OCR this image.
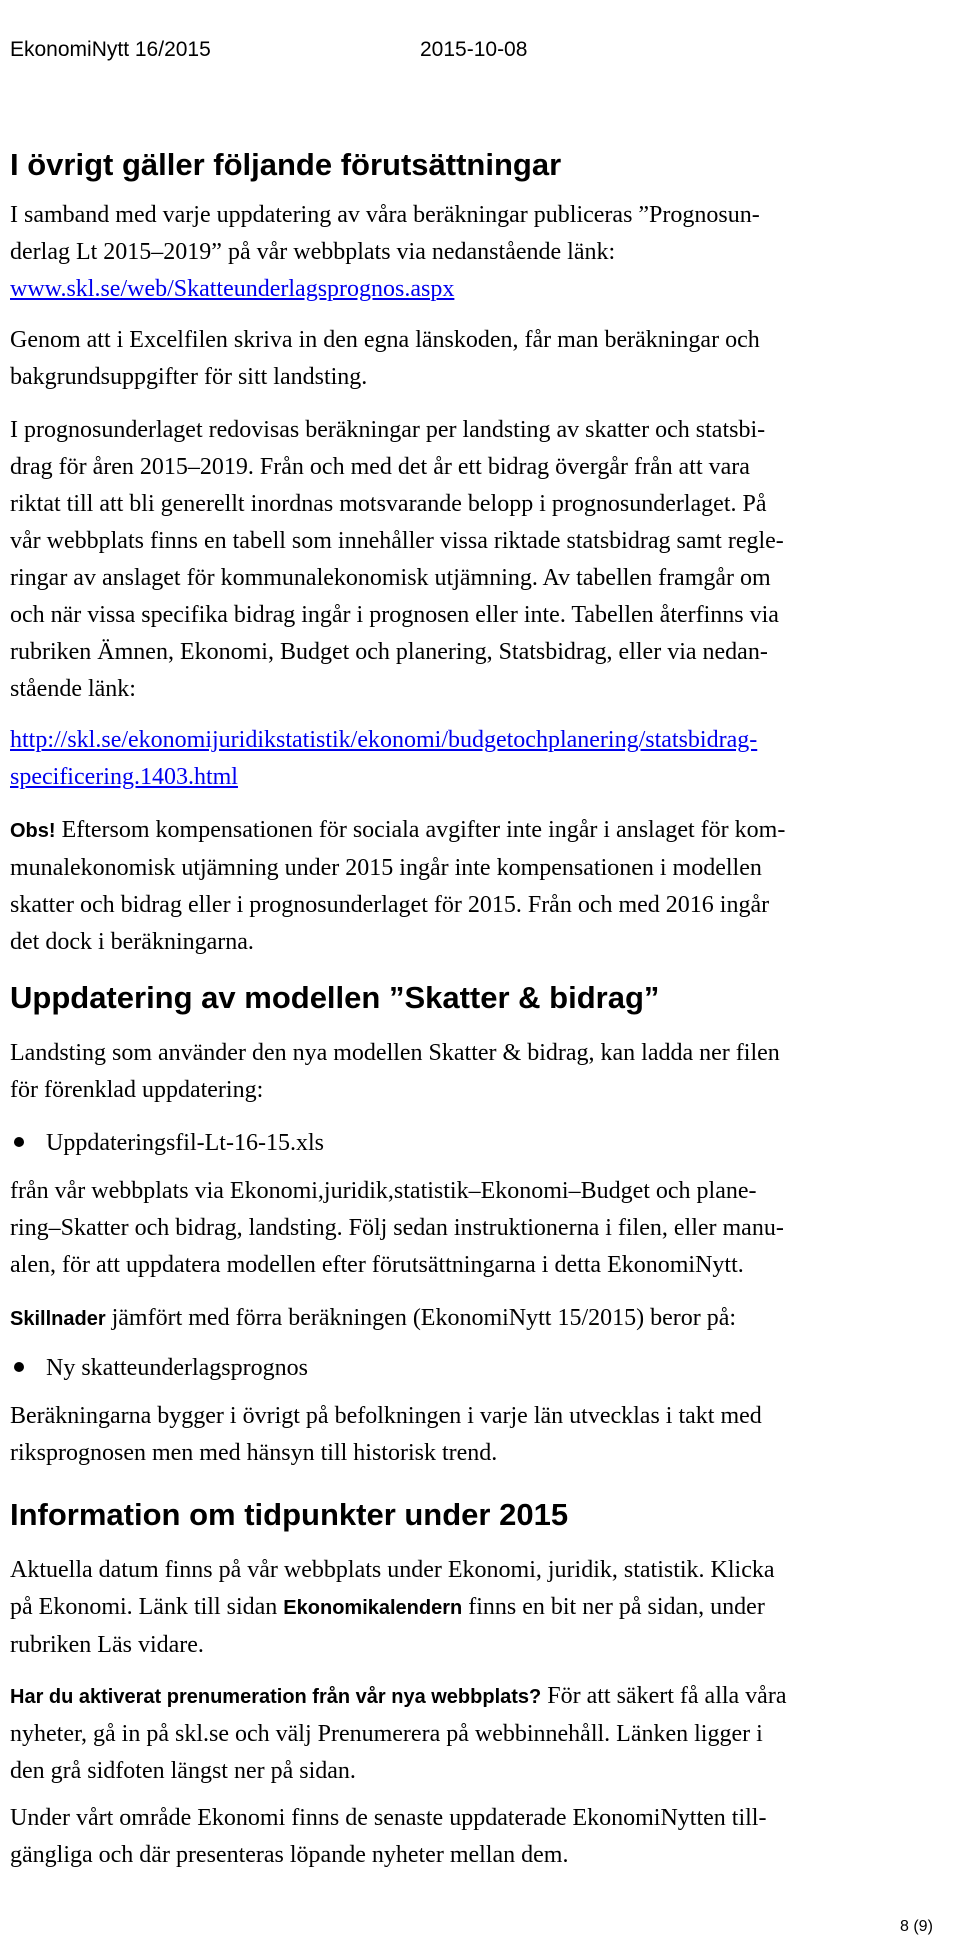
EkonomiNytt 16/2015	2015-10-08
I övrigt gäller följande förutsättningar
I samband med varje uppdatering av våra beräkningar publiceras ”Prognosun-
derlag Lt 2015–2019” på vår webbplats via nedanstående länk:
www.skl.se/web/Skatteunderlagsprognos.aspx
Genom att i Excelfilen skriva in den egna länskoden, får man beräkningar och
bakgrundsuppgifter för sitt landsting.
I prognosunderlaget redovisas beräkningar per landsting av skatter och statsbi-
drag för åren 2015–2019. Från och med det år ett bidrag övergår från att vara
riktat till att bli generellt inordnas motsvarande belopp i prognosunderlaget. På
vår webbplats finns en tabell som innehåller vissa riktade statsbidrag samt regle-
ringar av anslaget för kommunalekonomisk utjämning. Av tabellen framgår om
och när vissa specifika bidrag ingår i prognosen eller inte. Tabellen återfinns via
rubriken Ämnen, Ekonomi, Budget och planering, Statsbidrag, eller via nedan-
stående länk:
http://skl.se/ekonomijuridikstatistik/ekonomi/budgetochplanering/statsbidrag-
specificering.1403.html
Obs! Eftersom kompensationen för sociala avgifter inte ingår i anslaget för kom-
munalekonomisk utjämning under 2015 ingår inte kompensationen i modellen
skatter och bidrag eller i prognosunderlaget för 2015. Från och med 2016 ingår
det dock i beräkningarna.
Uppdatering av modellen ”Skatter & bidrag”
Landsting som använder den nya modellen Skatter & bidrag, kan ladda ner filen
för förenklad uppdatering:
Uppdateringsfil-Lt-16-15.xls
från vår webbplats via Ekonomi,juridik,statistik–Ekonomi–Budget och plane-
ring–Skatter och bidrag, landsting. Följ sedan instruktionerna i filen, eller manu-
alen, för att uppdatera modellen efter förutsättningarna i detta EkonomiNytt.
Skillnader jämfört med förra beräkningen (EkonomiNytt 15/2015) beror på:
Ny skatteunderlagsprognos
Beräkningarna bygger i övrigt på befolkningen i varje län utvecklas i takt med
riksprognosen men med hänsyn till historisk trend.
Information om tidpunkter under 2015
Aktuella datum finns på vår webbplats under Ekonomi, juridik, statistik. Klicka
på Ekonomi. Länk till sidan Ekonomikalendern finns en bit ner på sidan, under
rubriken Läs vidare.
Har du aktiverat prenumeration från vår nya webbplats? För att säkert få alla våra
nyheter, gå in på skl.se och välj Prenumerera på webbinnehåll. Länken ligger i
den grå sidfoten längst ner på sidan.
Under vårt område Ekonomi finns de senaste uppdaterade EkonomiNytten till-
gängliga och där presenteras löpande nyheter mellan dem.
8 (9)
